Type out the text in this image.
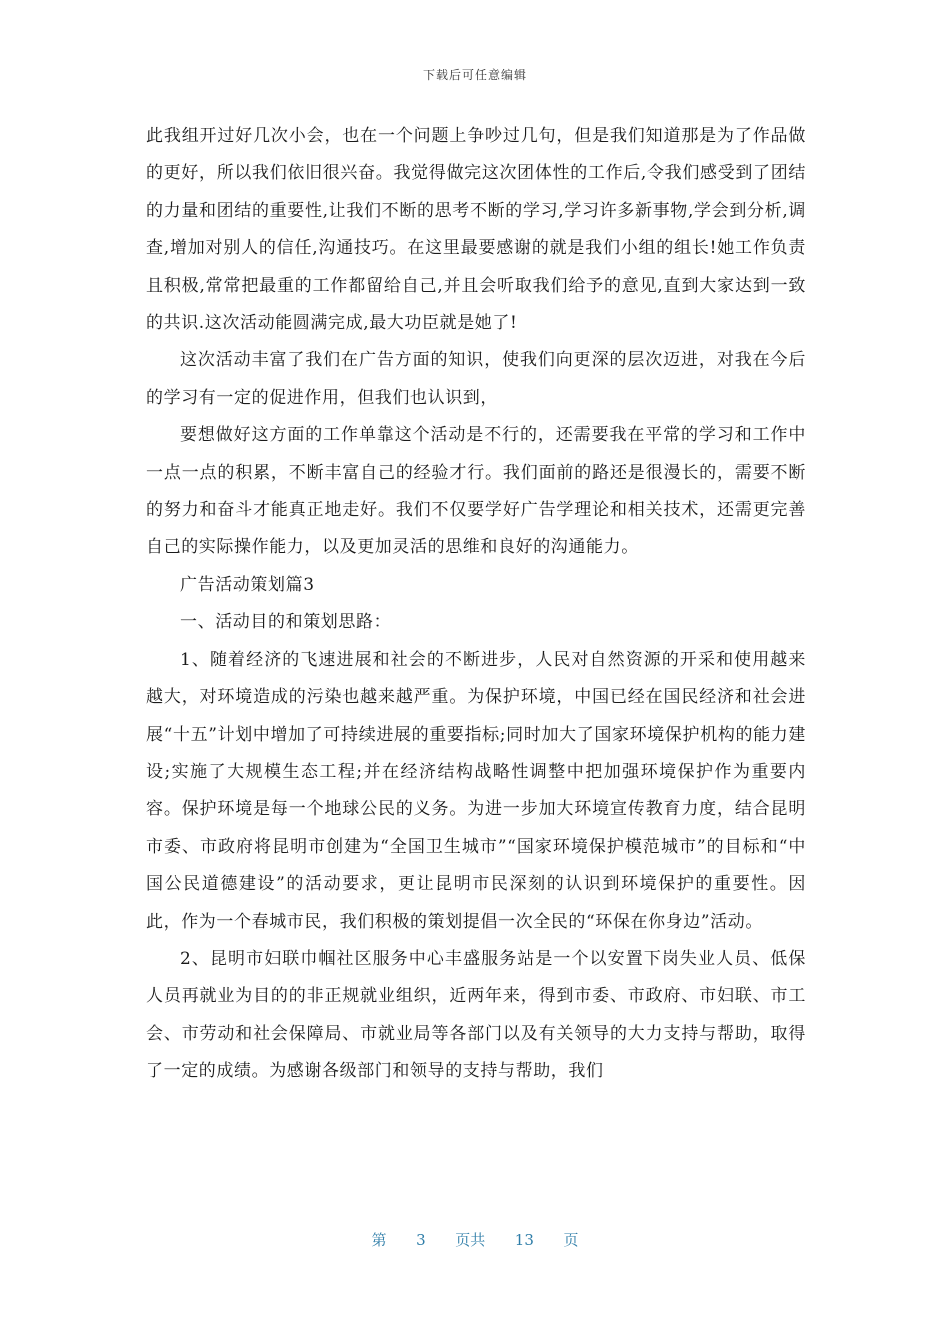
下载后可任意编辑

此我组开过好几次小会，也在一个问题上争吵过几句，但是我们知道那是为了作品做的更好，所以我们依旧很兴奋。我觉得做完这次团体性的工作后,令我们感受到了团结的力量和团结的重要性,让我们不断的思考不断的学习,学习许多新事物,学会到分析,调查,增加对别人的信任,沟通技巧。在这里最要感谢的就是我们小组的组长!她工作负责且积极,常常把最重的工作都留给自己,并且会听取我们给予的意见,直到大家达到一致的共识.这次活动能圆满完成,最大功臣就是她了!

这次活动丰富了我们在广告方面的知识，使我们向更深的层次迈进，对我在今后的学习有一定的促进作用，但我们也认识到，

要想做好这方面的工作单靠这个活动是不行的，还需要我在平常的学习和工作中一点一点的积累，不断丰富自己的经验才行。我们面前的路还是很漫长的，需要不断的努力和奋斗才能真正地走好。我们不仅要学好广告学理论和相关技术，还需更完善自己的实际操作能力，以及更加灵活的思维和良好的沟通能力。

广告活动策划篇3

一、活动目的和策划思路：

1、随着经济的飞速进展和社会的不断进步，人民对自然资源的开采和使用越来越大，对环境造成的污染也越来越严重。为保护环境，中国已经在国民经济和社会进展“十五”计划中增加了可持续进展的重要指标;同时加大了国家环境保护机构的能力建设;实施了大规模生态工程;并在经济结构战略性调整中把加强环境保护作为重要内容。保护环境是每一个地球公民的义务。为进一步加大环境宣传教育力度，结合昆明市委、市政府将昆明市创建为“全国卫生城市”“国家环境保护模范城市”的目标和“中国公民道德建设”的活动要求，更让昆明市民深刻的认识到环境保护的重要性。因此，作为一个春城市民，我们积极的策划提倡一次全民的“环保在你身边”活动。

2、昆明市妇联巾帼社区服务中心丰盛服务站是一个以安置下岗失业人员、低保人员再就业为目的的非正规就业组织，近两年来，得到市委、市政府、市妇联、市工会、市劳动和社会保障局、市就业局等各部门以及有关领导的大力支持与帮助，取得了一定的成绩。为感谢各级部门和领导的支持与帮助，我们

第 3 页共 13 页
